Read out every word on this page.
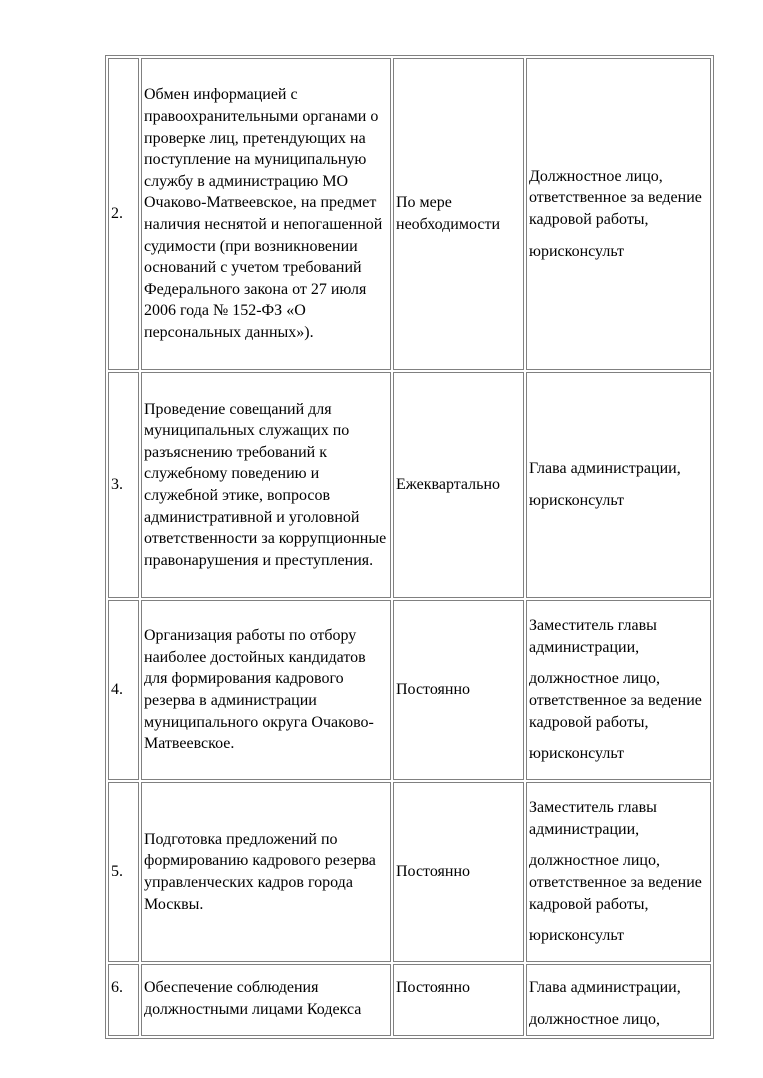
2.	Обмен информацией с правоохранительными органами о проверке лиц, претендующих на поступление на муниципальную службу в администрацию МО Очаково-Матвеевское, на предмет наличия неснятой и непогашенной судимости (при возникновении оснований с учетом требований Федерального закона от 27 июля 2006 года № 152-ФЗ «О персональных данных»).	По мере необходимости	Должностное лицо, ответственное за ведение кадровой работы,

юрисконсульт

3.	Проведение совещаний для муниципальных служащих по разъяснению требований к служебному поведению и служебной этике, вопросов административной и уголовной ответственности за коррупционные правонарушения и преступления.	Ежеквартально	Глава администрации,

юрисконсульт

4.	Организация работы по отбору наиболее достойных кандидатов для формирования кадрового резерва в администрации муниципального округа Очаково-Матвеевское.	Постоянно	Заместитель главы администрации,

должностное лицо, ответственное за ведение кадровой работы,

юрисконсульт

5.	Подготовка предложений по формированию кадрового резерва управленческих кадров города Москвы.	Постоянно	Заместитель главы администрации,

должностное лицо, ответственное за ведение кадровой работы,

юрисконсульт

6.	Обеспечение соблюдения должностными лицами Кодекса	Постоянно	Глава администрации,

должностное лицо,
